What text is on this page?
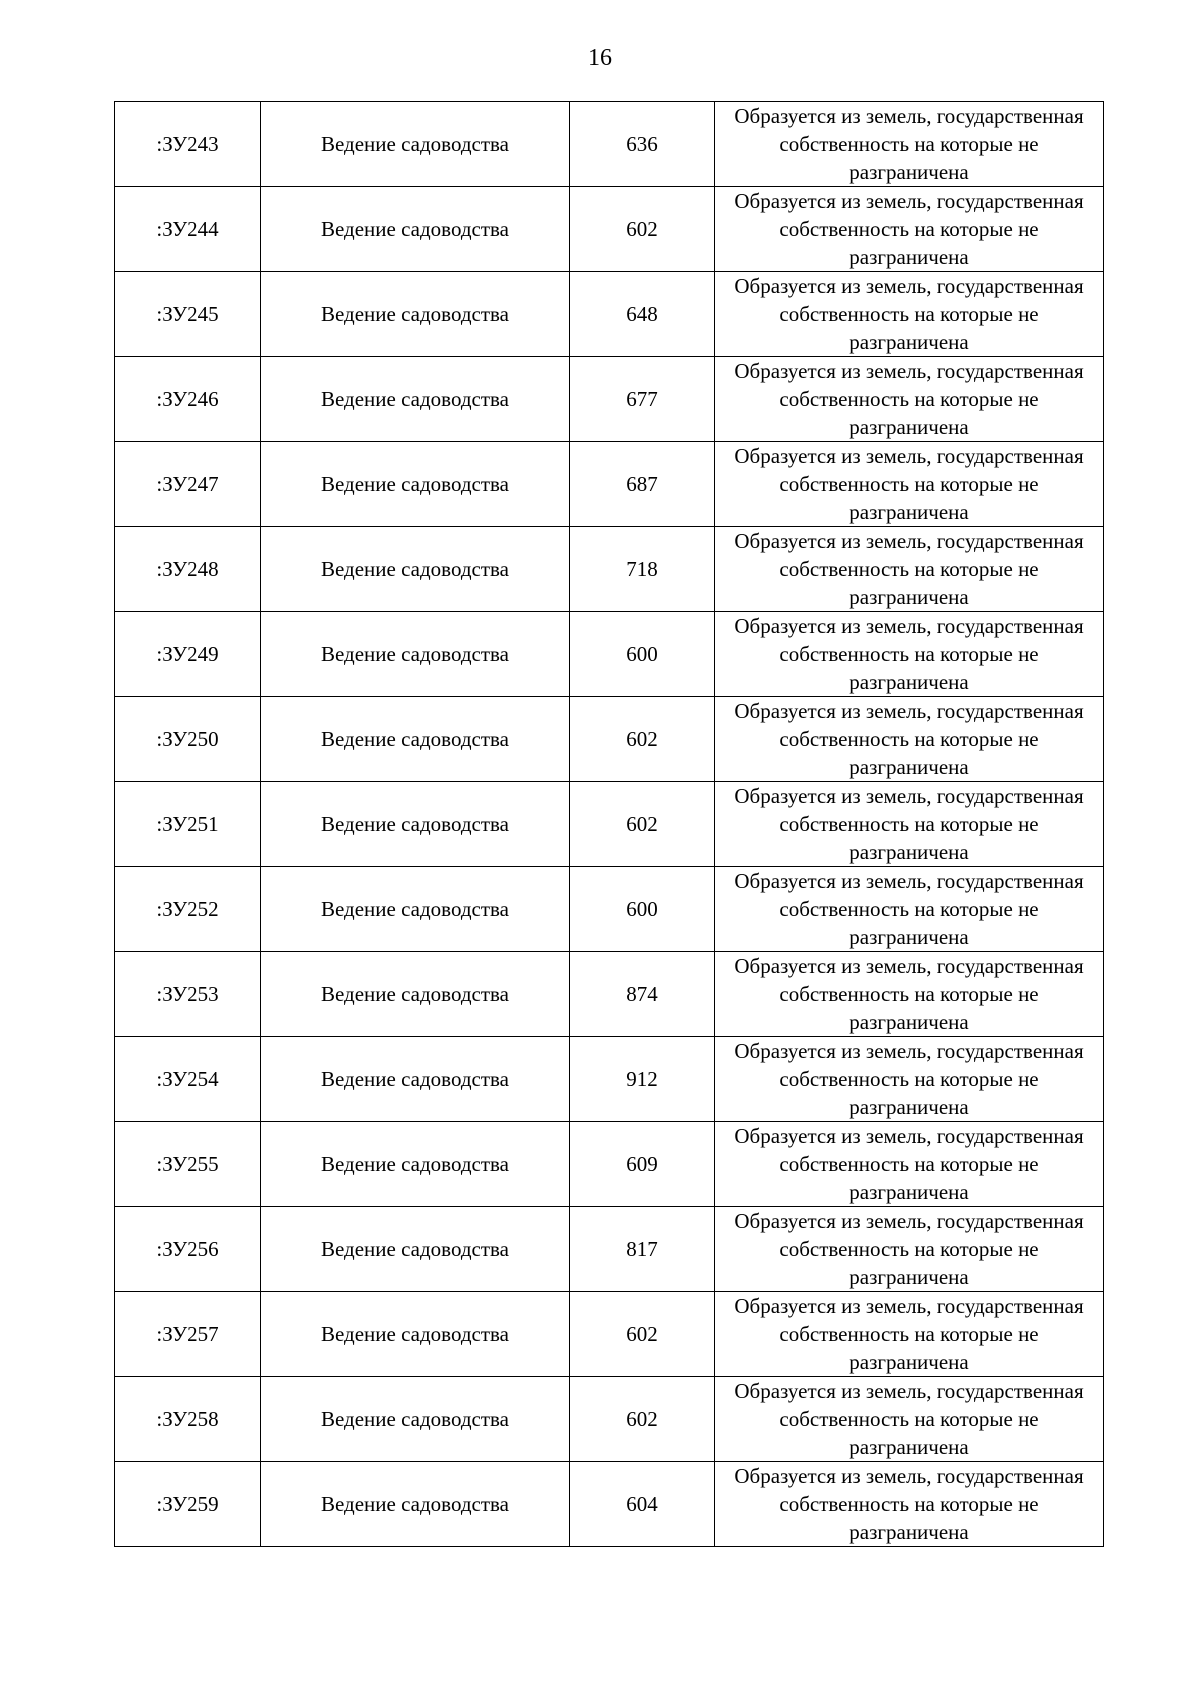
16
:ЗУ243	Ведение садоводства	636	Образуется из земель, государственная собственность на которые не разграничена

:ЗУ244	Ведение садоводства	602	Образуется из земель, государственная собственность на которые не разграничена

:ЗУ245	Ведение садоводства	648	Образуется из земель, государственная собственность на которые не разграничена

:ЗУ246	Ведение садоводства	677	Образуется из земель, государственная собственность на которые не разграничена

:ЗУ247	Ведение садоводства	687	Образуется из земель, государственная собственность на которые не разграничена

:ЗУ248	Ведение садоводства	718	Образуется из земель, государственная собственность на которые не разграничена

:ЗУ249	Ведение садоводства	600	Образуется из земель, государственная собственность на которые не разграничена

:ЗУ250	Ведение садоводства	602	Образуется из земель, государственная собственность на которые не разграничена

:ЗУ251	Ведение садоводства	602	Образуется из земель, государственная собственность на которые не разграничена

:ЗУ252	Ведение садоводства	600	Образуется из земель, государственная собственность на которые не разграничена

:ЗУ253	Ведение садоводства	874	Образуется из земель, государственная собственность на которые не разграничена

:ЗУ254	Ведение садоводства	912	Образуется из земель, государственная собственность на которые не разграничена

:ЗУ255	Ведение садоводства	609	Образуется из земель, государственная собственность на которые не разграничена

:ЗУ256	Ведение садоводства	817	Образуется из земель, государственная собственность на которые не разграничена

:ЗУ257	Ведение садоводства	602	Образуется из земель, государственная собственность на которые не разграничена

:ЗУ258	Ведение садоводства	602	Образуется из земель, государственная собственность на которые не разграничена

:ЗУ259	Ведение садоводства	604	Образуется из земель, государственная собственность на которые не разграничена
